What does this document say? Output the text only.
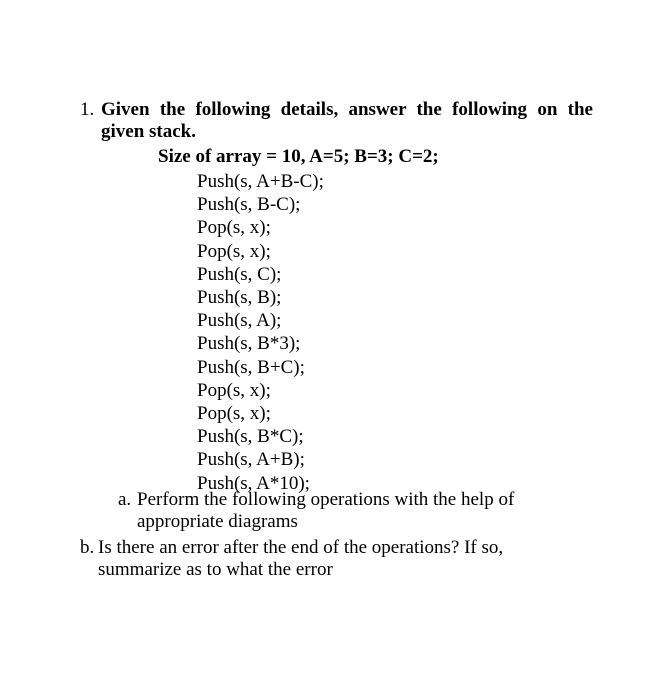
1. Given the following details, answer the following on the given stack.
Size of array = 10, A=5; B=3; C=2;
Push(s, A+B-C);
Push(s, B-C);
Pop(s, x);
Pop(s, x);
Push(s, C);
Push(s, B);
Push(s, A);
Push(s, B*3);
Push(s, B+C);
Pop(s, x);
Pop(s, x);
Push(s, B*C);
Push(s, A+B);
Push(s, A*10);
a. Perform the following operations with the help of appropriate diagrams
b. Is there an error after the end of the operations? If so, summarize as to what the error
